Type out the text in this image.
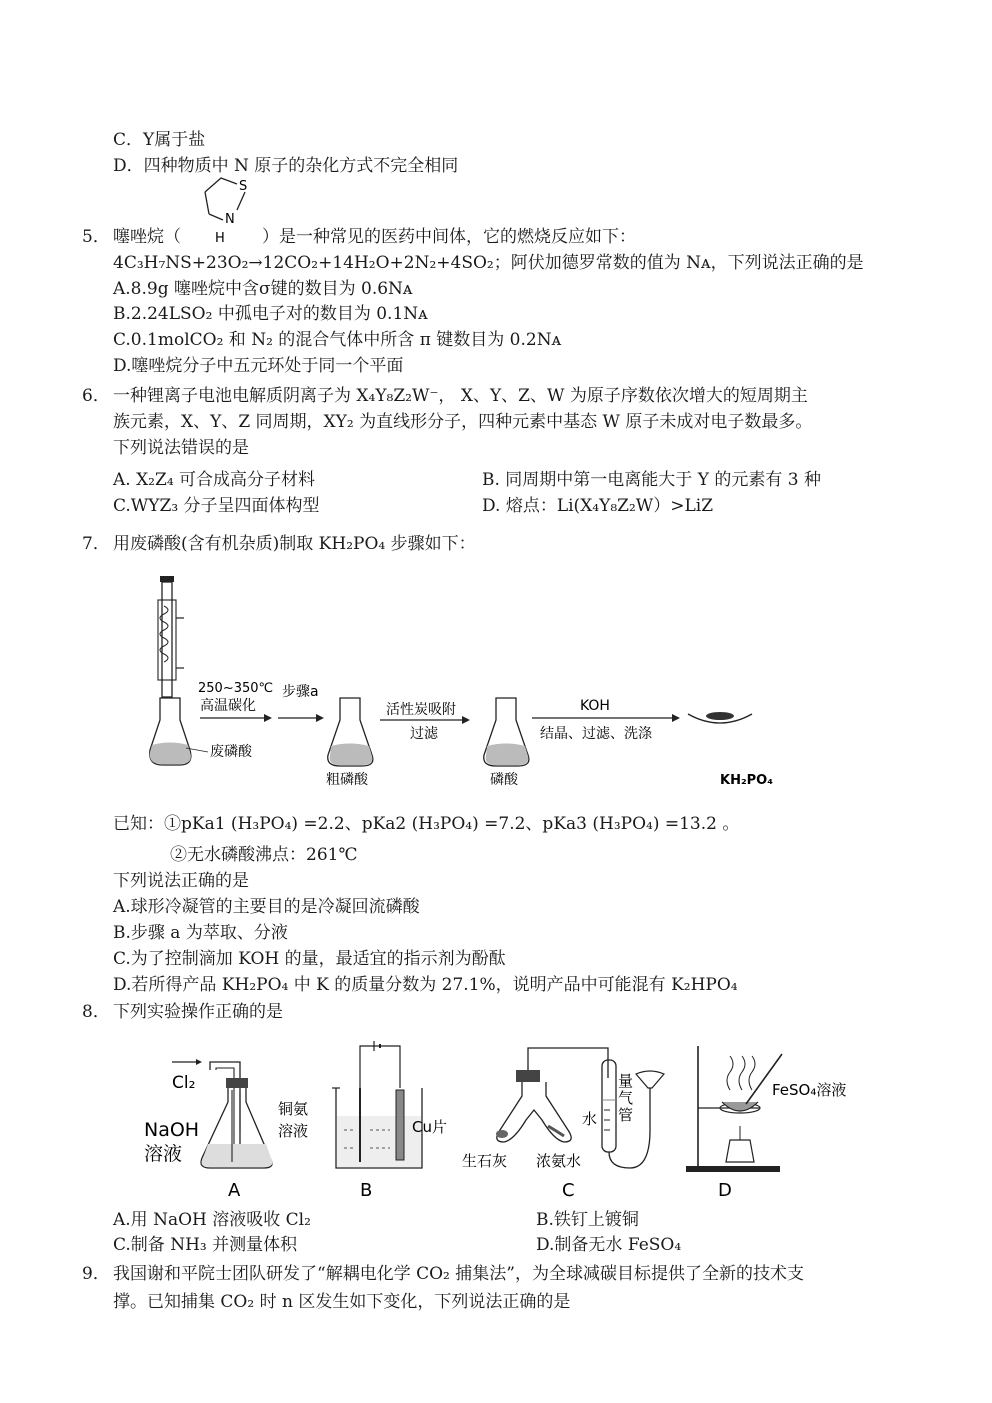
C．Y属于盐
D．四种物质中 N 原子的杂化方式不完全相同
S
N
H
5． 噻唑烷（	）是一种常见的医药中间体，它的燃烧反应如下：
4C₃H₇NS+23O₂→12CO₂+14H₂O+2N₂+4SO₂；阿伏加德罗常数的值为 Nᴀ，下列说法正确的是
A.8.9g 噻唑烷中含σ键的数目为 0.6Nᴀ
B.2.24LSO₂ 中孤电子对的数目为 0.1Nᴀ
C.0.1molCO₂ 和 N₂ 的混合气体中所含 π 键数目为 0.2Nᴀ
D.噻唑烷分子中五元环处于同一个平面
6． 一种锂离子电池电解质阴离子为 X₄Y₈Z₂W⁻， X、Y、Z、W 为原子序数依次增大的短周期主
族元素，X、Y、Z 同周期，XY₂ 为直线形分子，四种元素中基态 W 原子未成对电子数最多。
下列说法错误的是
A. X₂Z₄ 可合成高分子材料	B. 同周期中第一电离能大于 Y 的元素有 3 种
C.WYZ₃ 分子呈四面体构型	D. 熔点：Li(X₄Y₈Z₂W）>LiZ
7． 用废磷酸(含有机杂质)制取 KH₂PO₄ 步骤如下：
废磷酸
250~350℃
高温碳化
步骤a
粗磷酸
活性炭吸附
过滤
磷酸
KOH
结晶、过滤、洗涤
KH₂PO₄
已知：①pKa1 (H₃PO₄) =2.2、pKa2 (H₃PO₄) =7.2、pKa3 (H₃PO₄) =13.2 。
②无水磷酸沸点：261℃
下列说法正确的是
A.球形冷凝管的主要目的是冷凝回流磷酸
B.步骤 a 为萃取、分液
C.为了控制滴加 KOH 的量，最适宜的指示剂为酚酞
D.若所得产品 KH₂PO₄ 中 K 的质量分数为 27.1%，说明产品中可能混有 K₂HPO₄
8． 下列实验操作正确的是
Cl₂
NaOH
溶液
A
铜氨
溶液	Cu片
B
生石灰 浓氨水
水
量
气
管
C
FeSO₄溶液
D
A.用 NaOH 溶液吸收 Cl₂	B.铁钉上镀铜
C.制备 NH₃ 并测量体积	D.制备无水 FeSO₄
9． 我国谢和平院士团队研发了“解耦电化学 CO₂ 捕集法”，为全球减碳目标提供了全新的技术支
撑。已知捕集 CO₂ 时 n 区发生如下变化，下列说法正确的是
